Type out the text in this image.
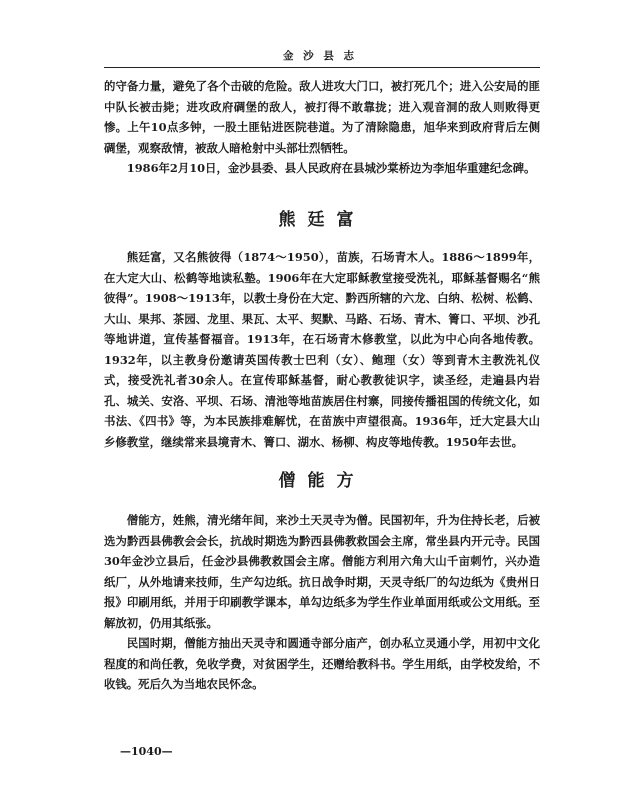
金 沙 县 志

的守备力量，避免了各个击破的危险。敌人进攻大门口，被打死几个；进入公安局的匪中队长被击毙；进攻政府碉堡的敌人，被打得不敢靠拢；进入观音洞的敌人则败得更惨。上午10点多钟，一股土匪钻进医院巷道。为了清除隐患，旭华来到政府背后左侧碉堡，观察敌情，被敌人暗枪射中头部壮烈牺牲。

1986年2月10日，金沙县委、县人民政府在县城沙棠桥边为李旭华重建纪念碑。

熊廷富

熊廷富，又名熊彼得（1874～1950），苗族，石场青木人。1886～1899年，在大定大山、松鹤等地读私塾。1906年在大定耶稣教堂接受洗礼，耶稣基督赐名“熊彼得”。1908～1913年，以教士身份在大定、黔西所辖的六龙、白纳、松树、松鹤、大山、果邦、茶园、龙里、果瓦、太平、契默、马路、石场、青木、箐口、平坝、沙孔等地讲道，宣传基督福音。1913年，在石场青木修教堂，以此为中心向各地传教。1932年，以主教身份邀请英国传教士巴利（女）、鲍理（女）等到青木主教洗礼仪式，接受洗礼者30余人。在宣传耶稣基督，耐心教教徒识字，读圣经，走遍县内岩孔、城关、安洛、平坝、石场、清池等地苗族居住村寨，同接传播祖国的传统文化，如书法、《四书》等，为本民族排难解忧，在苗族中声望很高。1936年，迁大定县大山乡修教堂，继续常来县境青木、箐口、湖水、杨柳、构皮等地传教。1950年去世。

僧能方

僧能方，姓熊，清光绪年间，来沙土天灵寺为僧。民国初年，升为住持长老，后被选为黔西县佛教会会长，抗战时期选为黔西县佛教救国会主席，常坐县内开元寺。民国30年金沙立县后，任金沙县佛教救国会主席。僧能方利用六角大山千亩刺竹，兴办造纸厂，从外地请来技师，生产勾边纸。抗日战争时期，天灵寺纸厂的勾边纸为《贵州日报》印刷用纸，并用于印刷教学课本，单勾边纸多为学生作业单面用纸或公文用纸。至解放初，仍用其纸张。

民国时期，僧能方抽出天灵寺和圆通寺部分庙产，创办私立灵通小学，用初中文化程度的和尚任教，免收学费，对贫困学生，还赠给教科书。学生用纸，由学校发给，不收钱。死后久为当地农民怀念。

—1040—
